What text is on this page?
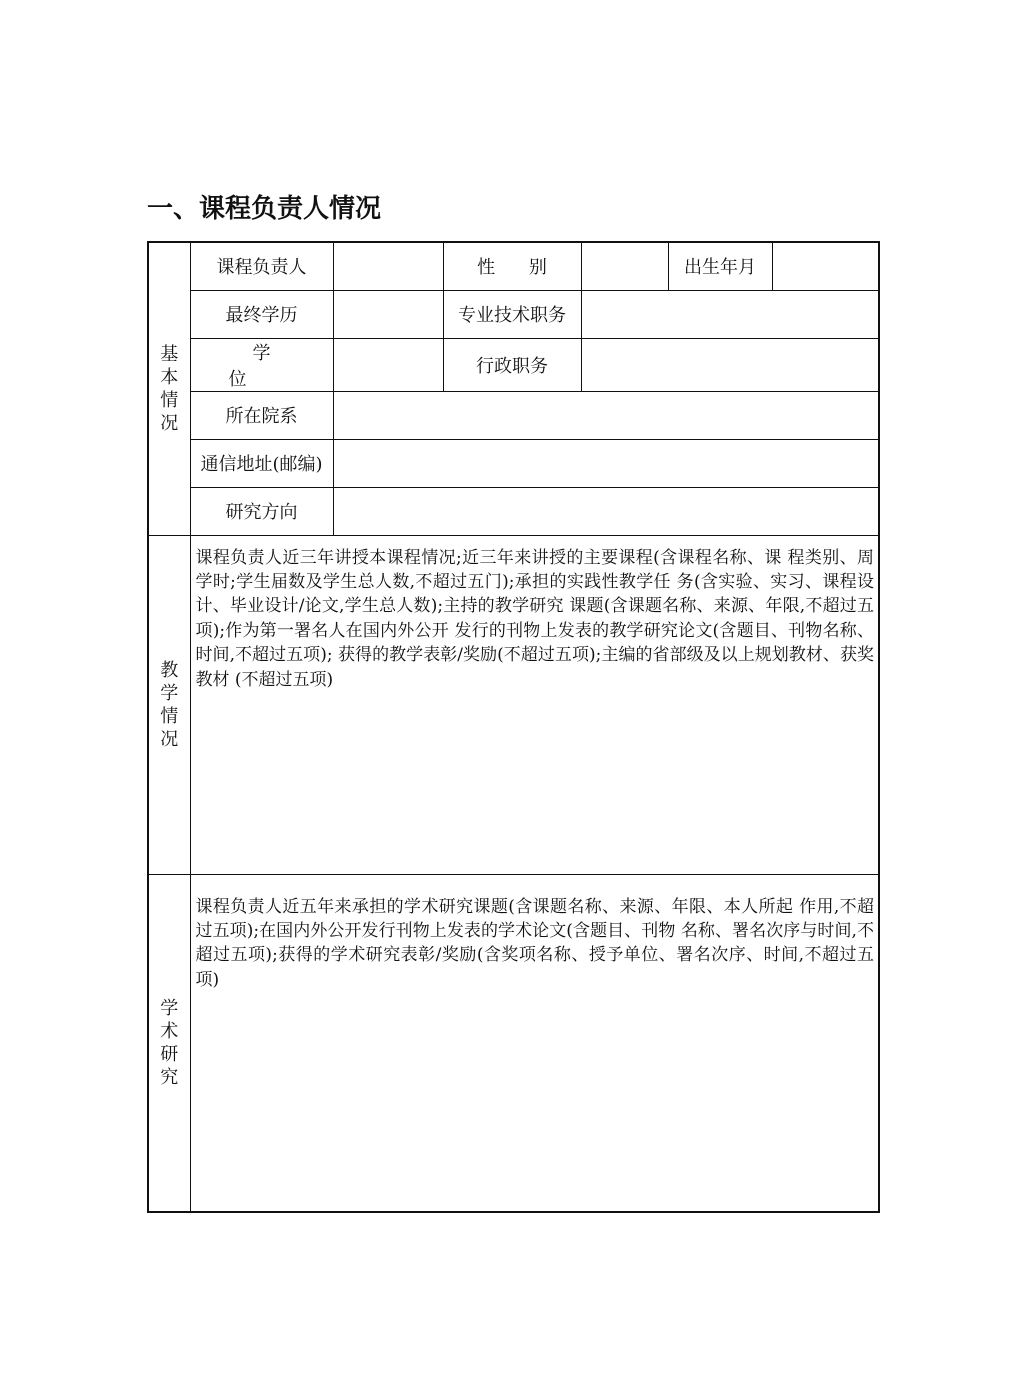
一、课程负责人情况
基本情况	课程负责人		性 别		出生年月	
	最终学历		专业技术职务			
	学 位		行政职务			
	所在院系					
	通信地址(邮编)					
	研究方向					
教学情况	课程负责人近三年讲授本课程情况;近三年来讲授的主要课程(含课程名称、课 程类别、周学时;学生届数及学生总人数,不超过五门);承担的实践性教学任 务(含实验、实习、课程设计、毕业设计/论文,学生总人数);主持的教学研究 课题(含课题名称、来源、年限,不超过五项);作为第一署名人在国内外公开 发行的刊物上发表的教学研究论文(含题目、刊物名称、时间,不超过五项); 获得的教学表彰/奖励(不超过五项);主编的省部级及以上规划教材、获奖教材 (不超过五项)					

学术研究	课程负责人近五年来承担的学术研究课题(含课题名称、来源、年限、本人所起 作用,不超过五项);在国内外公开发行刊物上发表的学术论文(含题目、刊物 名称、署名次序与时间,不超过五项);获得的学术研究表彰/奖励(含奖项名称、授予单位、署名次序、时间,不超过五项)					
